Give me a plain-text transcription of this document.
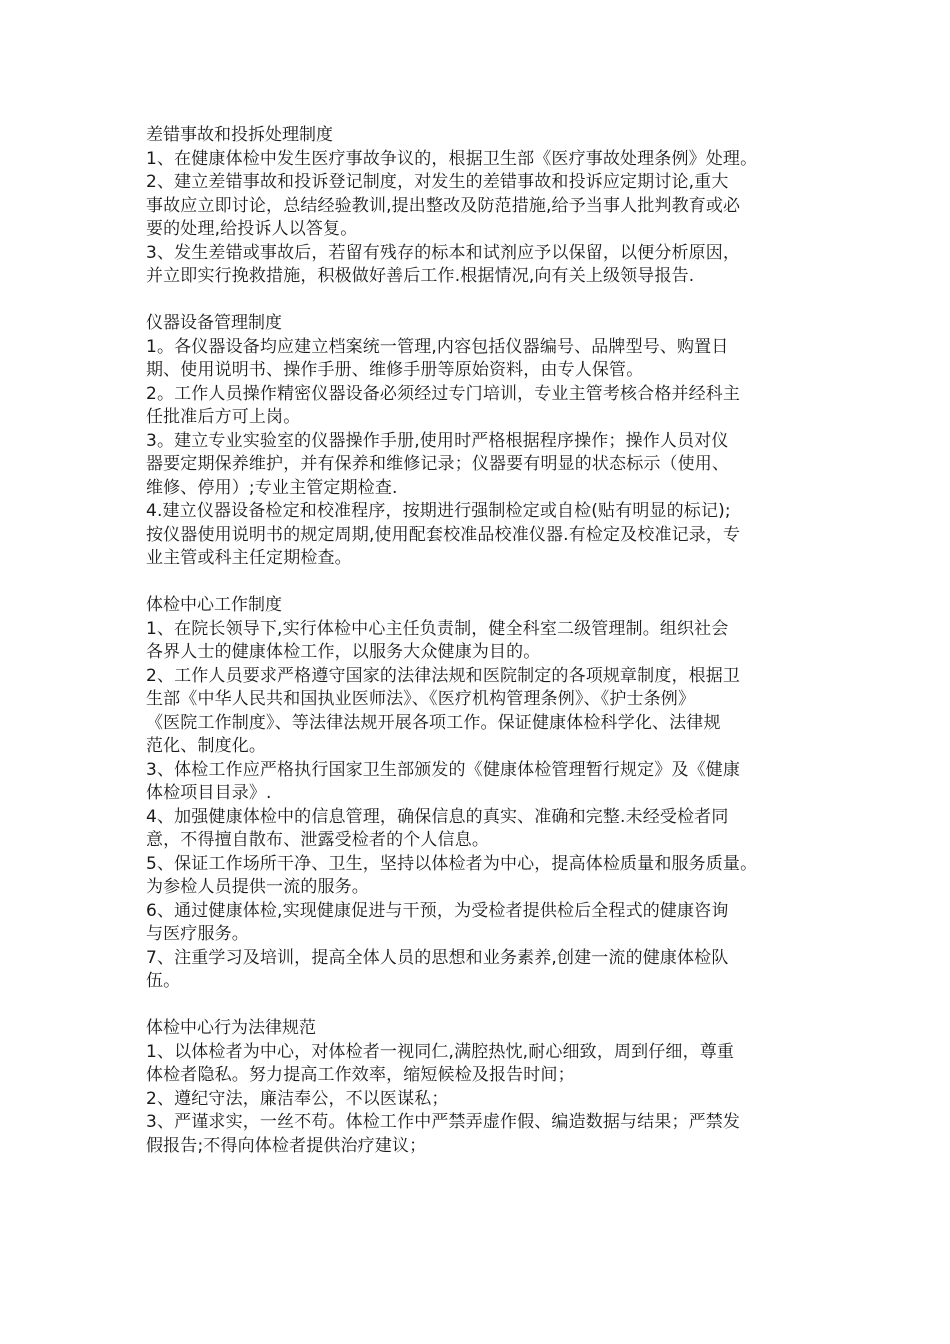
差错事故和投拆处理制度
1、在健康体检中发生医疗事故争议的，根据卫生部《医疗事故处理条例》处理。
2、建立差错事故和投诉登记制度，对发生的差错事故和投诉应定期讨论,重大
事故应立即讨论，总结经验教训,提出整改及防范措施,给予当事人批判教育或必
要的处理,给投诉人以答复。
3、发生差错或事故后，若留有残存的标本和试剂应予以保留，以便分析原因，
并立即实行挽救措施，积极做好善后工作.根据情况,向有关上级领导报告.
仪器设备管理制度
1。各仪器设备均应建立档案统一管理,内容包括仪器编号、品牌型号、购置日
期、使用说明书、操作手册、维修手册等原始资料，由专人保管。
2。工作人员操作精密仪器设备必须经过专门培训，专业主管考核合格并经科主
任批准后方可上岗。
3。建立专业实验室的仪器操作手册,使用时严格根据程序操作；操作人员对仪
器要定期保养维护，并有保养和维修记录；仪器要有明显的状态标示（使用、
维修、停用）;专业主管定期检查.
4.建立仪器设备检定和校准程序，按期进行强制检定或自检(贴有明显的标记);
按仪器使用说明书的规定周期,使用配套校准品校准仪器.有检定及校准记录，专
业主管或科主任定期检查。
体检中心工作制度
1、在院长领导下,实行体检中心主任负责制，健全科室二级管理制。组织社会
各界人士的健康体检工作，以服务大众健康为目的。
2、工作人员要求严格遵守国家的法律法规和医院制定的各项规章制度，根据卫
生部《中华人民共和国执业医师法》、《医疗机构管理条例》、《护士条例》
《医院工作制度》、等法律法规开展各项工作。保证健康体检科学化、法律规
范化、制度化。
3、体检工作应严格执行国家卫生部颁发的《健康体检管理暂行规定》及《健康
体检项目目录》.
4、加强健康体检中的信息管理，确保信息的真实、准确和完整.未经受检者同
意，不得擅自散布、泄露受检者的个人信息。
5、保证工作场所干净、卫生，坚持以体检者为中心，提高体检质量和服务质量。
为参检人员提供一流的服务。
6、通过健康体检,实现健康促进与干预，为受检者提供检后全程式的健康咨询
与医疗服务。
7、注重学习及培训，提高全体人员的思想和业务素养,创建一流的健康体检队
伍。
体检中心行为法律规范
1、以体检者为中心，对体检者一视同仁,满腔热忱,耐心细致，周到仔细，尊重
体检者隐私。努力提高工作效率，缩短候检及报告时间；
2、遵纪守法，廉洁奉公，不以医谋私；
3、严谨求实，一丝不苟。体检工作中严禁弄虚作假、编造数据与结果；严禁发
假报告;不得向体检者提供治疗建议；
